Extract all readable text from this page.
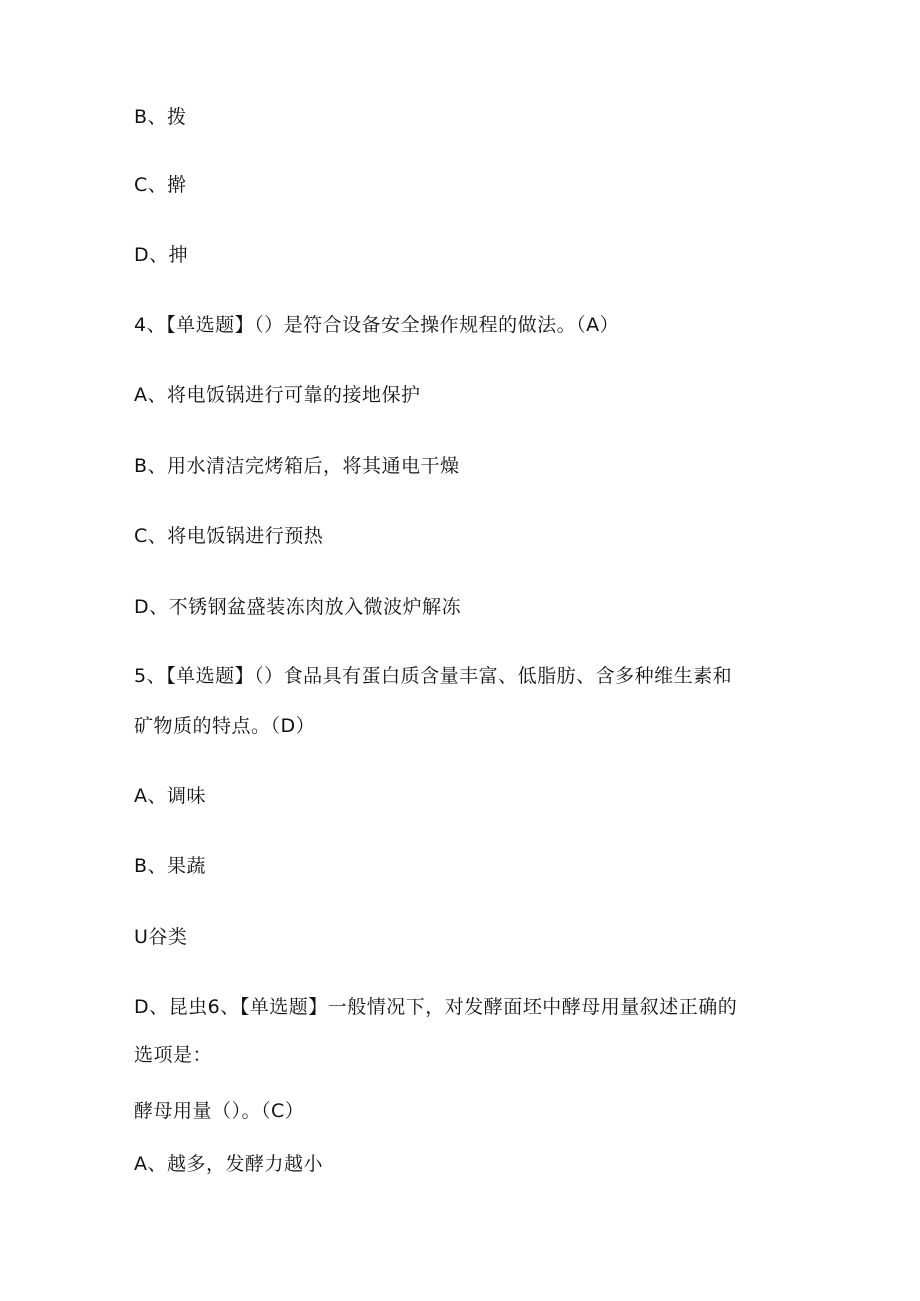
B、拨
C、擀
D、抻
4、【单选题】（）是符合设备安全操作规程的做法。（A）
A、将电饭锅进行可靠的接地保护
B、用水清洁完烤箱后，将其通电干燥
C、将电饭锅进行预热
D、不锈钢盆盛装冻肉放入微波炉解冻
5、【单选题】（）食品具有蛋白质含量丰富、低脂肪、含多种维生素和
矿物质的特点。（D）
A、调味
B、果蔬
U谷类
D、昆虫6、【单选题】一般情况下，对发酵面坯中酵母用量叙述正确的
选项是：
酵母用量（）。（C）
A、越多，发酵力越小
